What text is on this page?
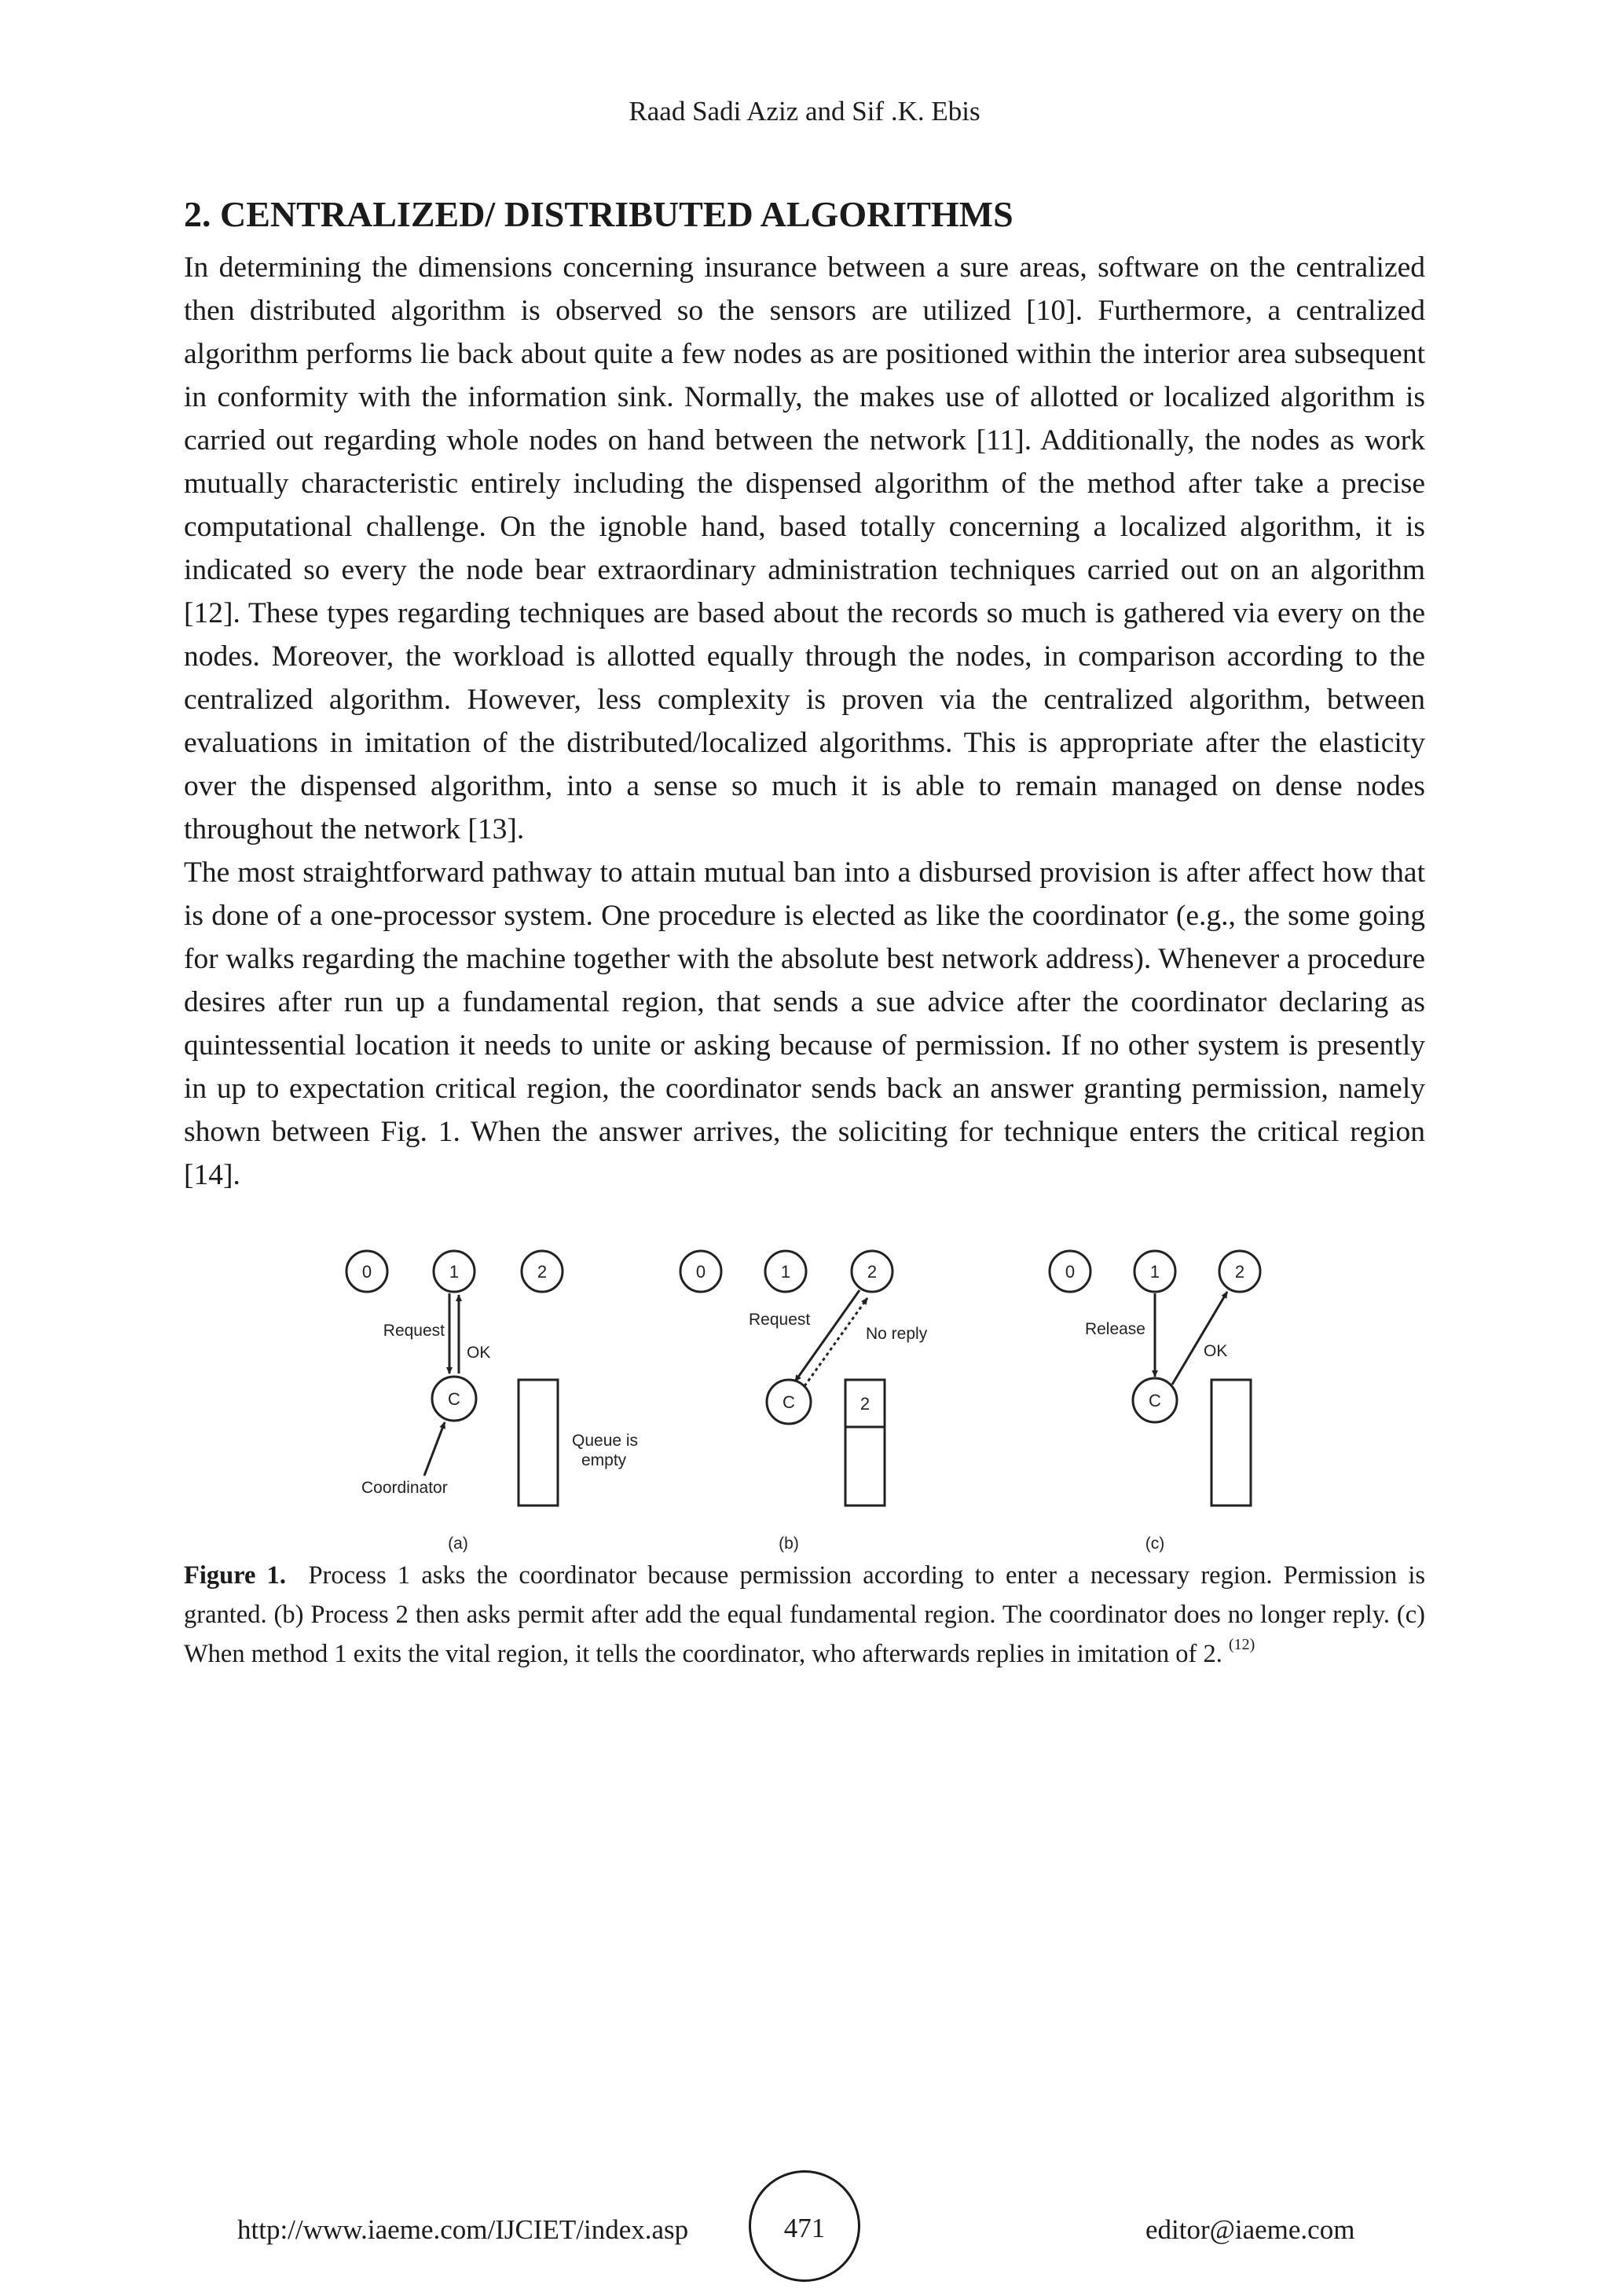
Raad Sadi Aziz and Sif .K. Ebis
2. CENTRALIZED/ DISTRIBUTED ALGORITHMS

In determining the dimensions concerning insurance between a sure areas, software on the centralized then distributed algorithm is observed so the sensors are utilized [10]. Furthermore, a centralized algorithm performs lie back about quite a few nodes as are positioned within the interior area subsequent in conformity with the information sink. Normally, the makes use of allotted or localized algorithm is carried out regarding whole nodes on hand between the network [11]. Additionally, the nodes as work mutually characteristic entirely including the dispensed algorithm of the method after take a precise computational challenge. On the ignoble hand, based totally concerning a localized algorithm, it is indicated so every the node bear extraordinary administration techniques carried out on an algorithm [12]. These types regarding techniques are based about the records so much is gathered via every on the nodes. Moreover, the workload is allotted equally through the nodes, in comparison according to the centralized algorithm. However, less complexity is proven via the centralized algorithm, between evaluations in imitation of the distributed/localized algorithms. This is appropriate after the elasticity over the dispensed algorithm, into a sense so much it is able to remain managed on dense nodes throughout the network [13].

The most straightforward pathway to attain mutual ban into a disbursed provision is after affect how that is done of a one-processor system. One procedure is elected as like the coordinator (e.g., the some going for walks regarding the machine together with the absolute best network address). Whenever a procedure desires after run up a fundamental region, that sends a sue advice after the coordinator declaring as quintessential location it needs to unite or asking because of permission. If no other system is presently in up to expectation critical region, the coordinator sends back an answer granting permission, namely shown between Fig. 1. When the answer arrives, the soliciting for technique enters the critical region [14].

0	1	2
Request
OK
C
Coordinator
Queue is
empty
(a)
0	1	2
Request
No reply
C	2
(b)
0	1	2
Release
OK
C
(c)
Figure 1. Process 1 asks the coordinator because permission according to enter a necessary region. Permission is granted. (b) Process 2 then asks permit after add the equal fundamental region. The coordinator does no longer reply. (c) When method 1 exits the vital region, it tells the coordinator, who afterwards replies in imitation of 2. $^{(12)}$
http://www.iaeme.com/IJCIET/index.asp	471	editor@iaeme.com
